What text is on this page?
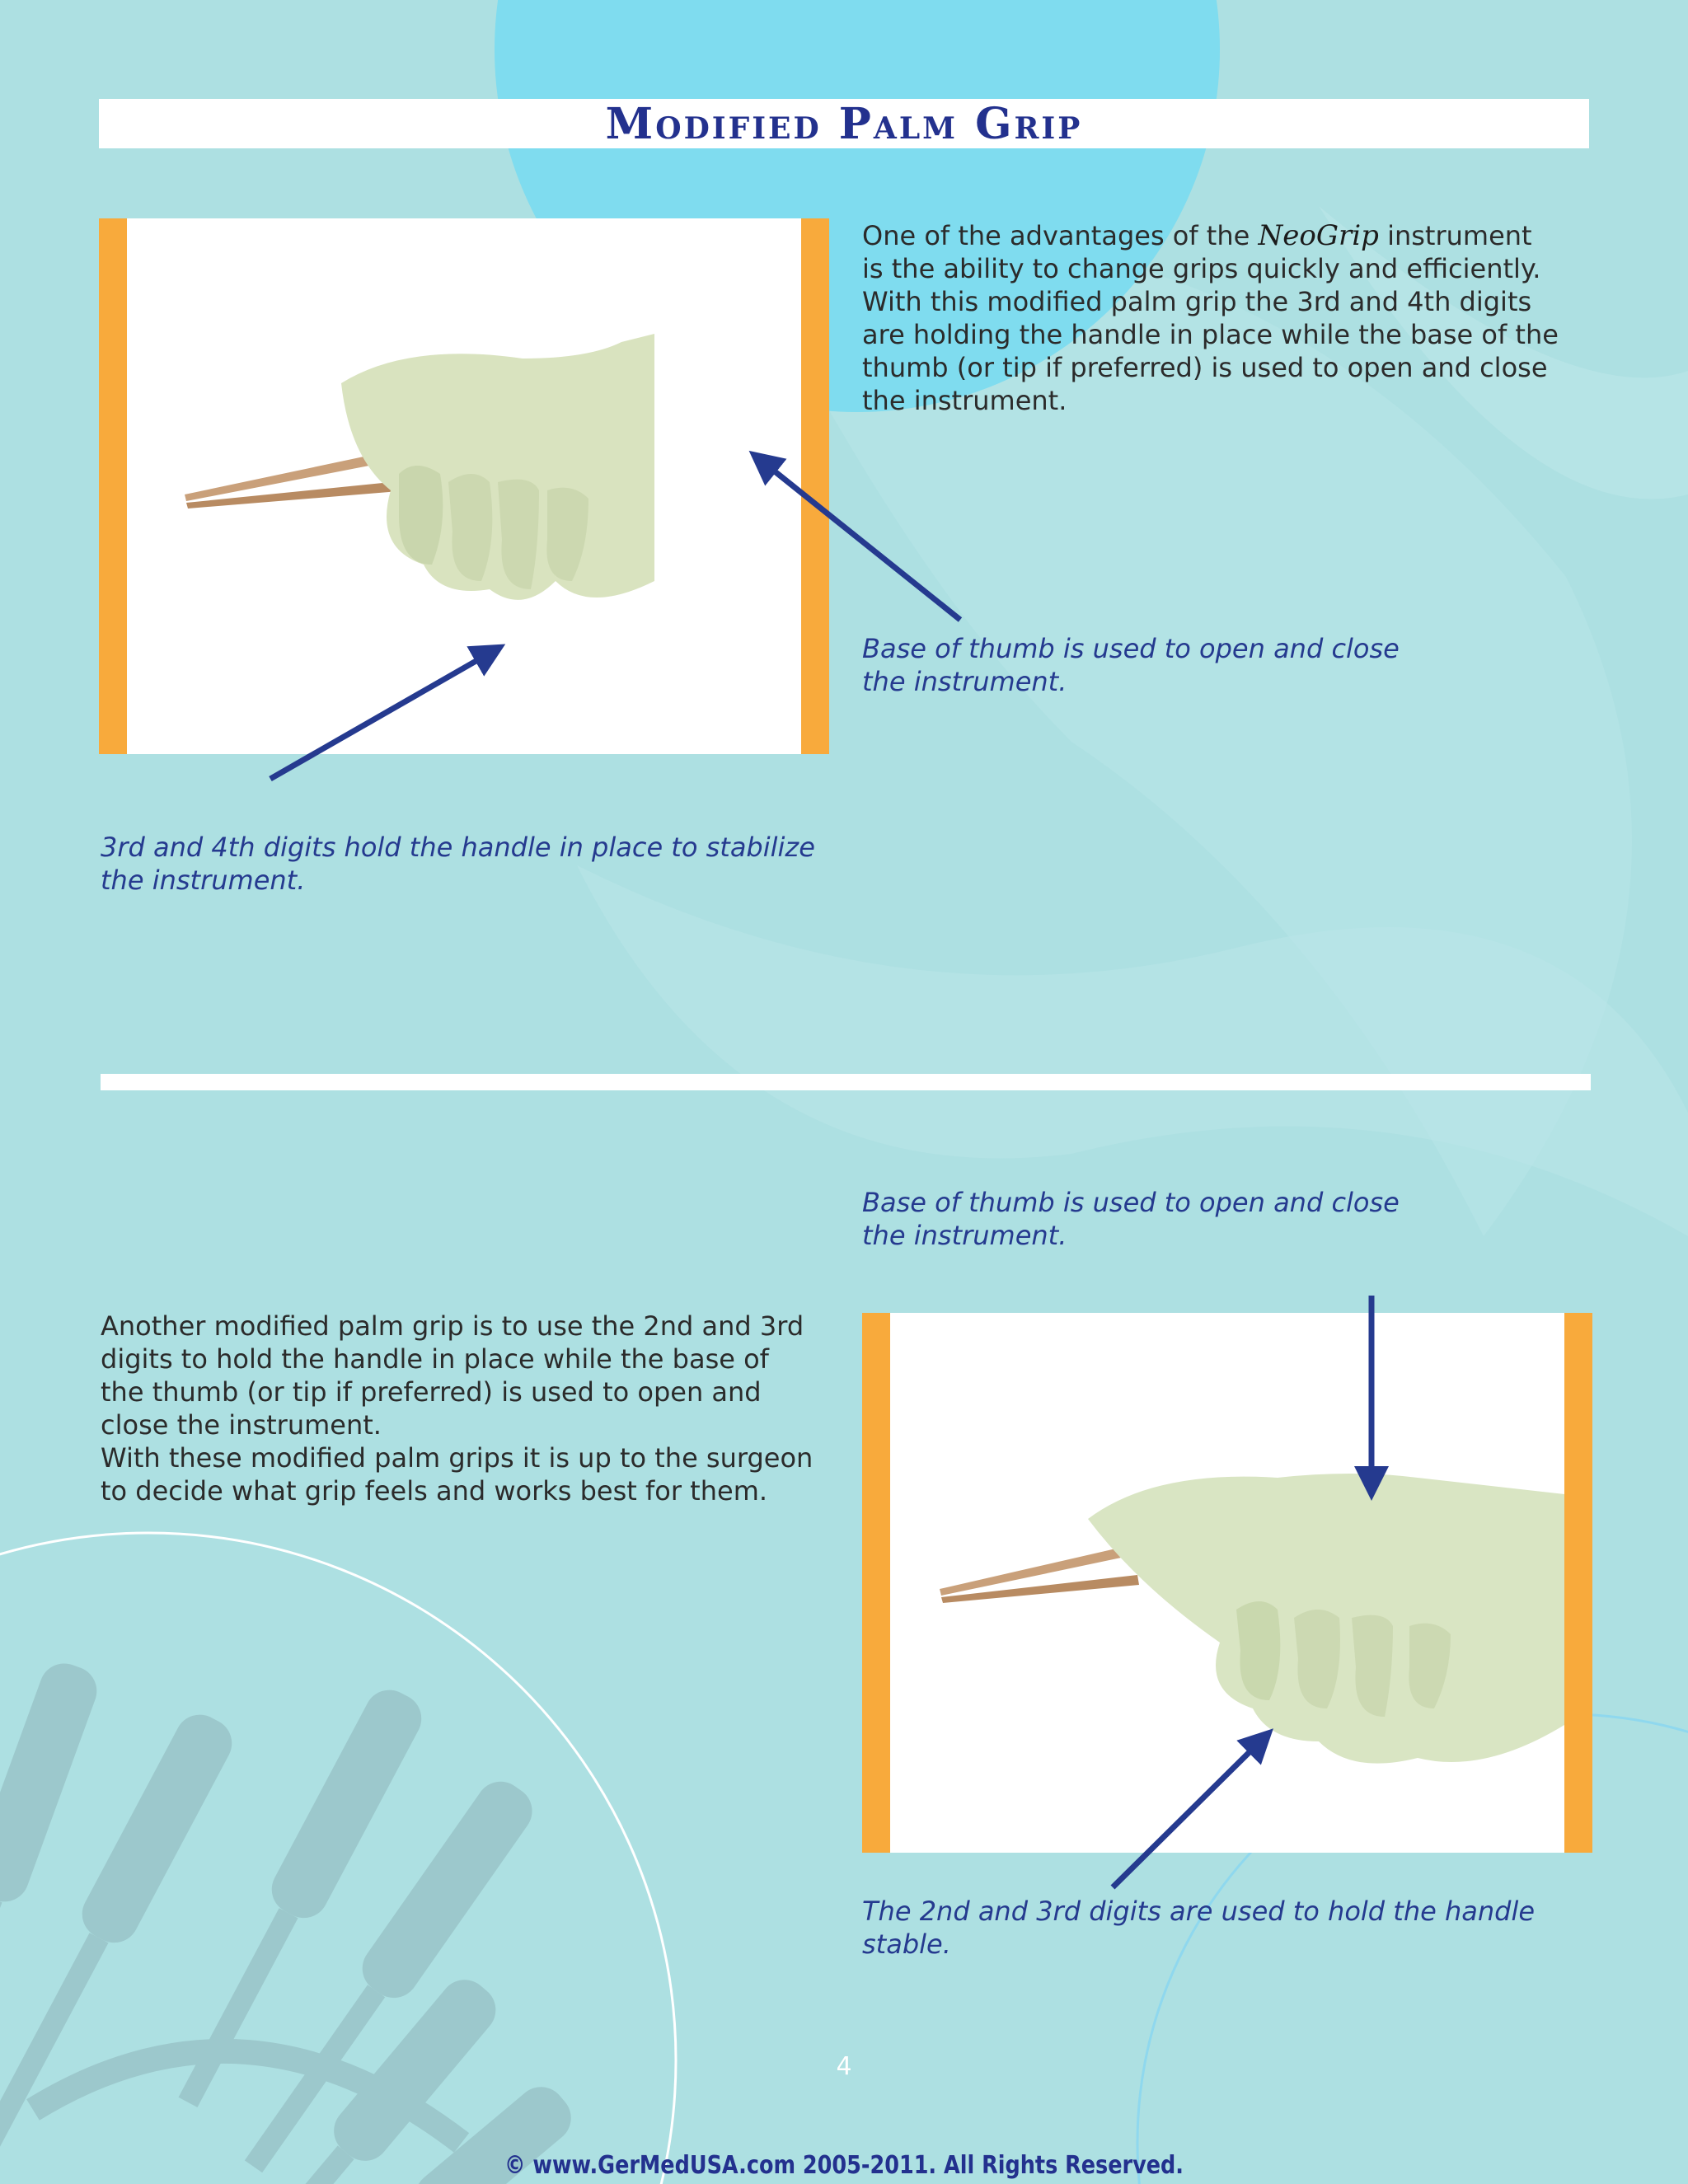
Modified Palm Grip
One of the advantages of the NeoGrip instrument
is the ability to change grips quickly and efficiently.
With this modified palm grip the 3rd and 4th digits
are holding the handle in place while the base of the
thumb (or tip if preferred) is used to open and close
the instrument.
Base of thumb is used to open and close
the instrument.
3rd and 4th digits hold the handle in place to stabilize
the instrument.
Base of thumb is used to open and close
the instrument.
Another modified palm grip is to use the 2nd and 3rd
digits to hold the handle in place while the base of
the thumb (or tip if preferred) is used to open and
close the instrument.
With these modified palm grips it is up to the surgeon
to decide what grip feels and works best for them.
The 2nd and 3rd digits are used to hold the handle
stable.
4
© www.GerMedUSA.com 2005-2011. All Rights Reserved.
